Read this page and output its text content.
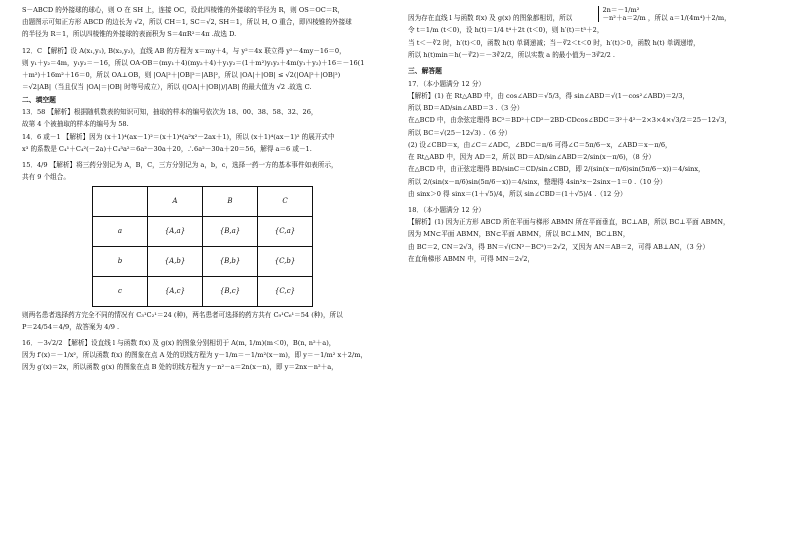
S－ABCD 的外接球的球心，则 O 在 SH 上，连接 OC，设此四棱锥的外接球的半径为 R，则 OS＝OC＝R，
由题图示可知正方形 ABCD 的边长为 √2，所以 CH＝1, SC＝√2, SH＝1，所以 H, O 重合，即四棱锥的外接球
的半径为 R＝1，所以四棱锥的外接球的表面积为 S＝4πR²＝4π .故选 D.
12．C 【解析】设 A(x₁,y₁), B(x₂,y₂)，直线 AB 的方程为 x＝my＋4，与 y²＝4x 联立得 y²－4my－16＝0，
则 y₁＋y₂＝4m，y₁y₂＝－16，所以 OA·OB＝(my₁＋4)(my₂＋4)＋y₁y₂＝(1＋m²)y₁y₂＋4m(y₁＋y₂)＋16＝－16(1
＋m²)＋16m²＋16＝0，所以 OA⊥OB，则 |OA|²＋|OB|²＝|AB|²，所以 |OA|＋|OB| ≤ √2(|OA|²＋|OB|²)
＝√2|AB|（当且仅当 |OA|＝|OB| 时等号成立），所以 (|OA|＋|OB|)/|AB| 的最大值为 √2 .故选 C.
二、填空题
13．58 【解析】根据随机数表的知识可知，抽取的样本的编号依次为 18、00、38、58、32、26，
故第 4 个被抽取的样本的编号为 58.
14．6 或－1 【解析】因为 (x＋1)⁴(ax－1)²＝(x＋1)⁴(a²x²－2ax＋1)，所以 (x＋1)⁴(ax－1)² 的展开式中
x³ 的系数是 C₄¹＋C₄²(－2a)＋C₄³a²＝6a²－30a＋20，∴6a²－30a＋20＝56，解得 a＝6 或－1.
15．4/9 【解析】将三药分别记为 A，B，C，三方分别记为 a，b，c，选择一药一方的基本事件如表所示，
共有 9 个组合。
	A	B	C
a	{A,a}	{B,a}	{C,a}
b	{A,b}	{B,b}	{C,b}
c	{A,c}	{B,c}	{C,c}
则两名患者选择药方完全不同的情况有 C₃¹C₂¹＝24 (种)，两名患者可选择的药方共有 C₉¹C₆¹＝54 (种)，所以
P＝24/54＝4/9，故答案为 4/9 .
16．－3√2/2 【解析】设直线 l 与函数 f(x) 及 g(x) 的图象分别相切于 A(m, 1/m)(m＜0)，B(n, n²＋a)，
因为 f′(x)＝－1/x²，所以函数 f(x) 的图象在点 A 处的切线方程为 y－1/m＝－1/m²(x－m)，即 y＝－1/m² x＋2/m，
因为 g′(x)＝2x，所以函数 g(x) 的图象在点 B 处的切线方程为 y－n²－a＝2n(x－n)，即 y＝2nx－n²＋a，
因为存在直线 l 与函数 f(x) 及 g(x) 的图象都相切，所以
2n＝－1/m²
－n²＋a＝2/m ，所以 a＝1/(4m⁴)＋2/m，
令 t＝1/m (t＜0)，设 h(t)＝1/4 t⁴＋2t (t＜0)，则 h′(t)＝t³＋2，
当 t＜－∛2 时，h′(t)＜0，函数 h(t) 单调递减；当－∛2＜t＜0 时，h′(t)＞0，函数 h(t) 单调递增，
所以 h(t)min＝h(－∛2)＝－3∛2/2，所以实数 a 的最小值为－3∛2/2 .
三、解答题
17．（本小题满分 12 分）
【解析】(1) 在 Rt△ABD 中，由 cos∠ABD＝√5/3，得 sin∠ABD＝√(1－cos²∠ABD)＝2/3，
所以 BD＝AD/sin∠ABD＝3 .（3 分）
在△BCD 中，由余弦定理得 BC²＝BD²＋CD²－2BD·CDcos∠BDC＝3²＋4²－2×3×4×√3/2＝25－12√3，
所以 BC＝√(25－12√3) .（6 分）
(2) 设∠CBD＝x，由∠C＝∠ADC，∠BDC＝π/6 可得∠C＝5π/6－x，∠ABD＝x－π/6，
在 Rt△ABD 中，因为 AD＝2，所以 BD＝AD/sin∠ABD＝2/sin(x－π/6)，（8 分）
在△BCD 中，由正弦定理得 BD/sinC＝CD/sin∠CBD，即 2/(sin(x－π/6)sin(5π/6－x))＝4/sinx，
所以 2/(sin(x－π/6)sin(5π/6－x))＝4/sinx，整理得 4sin²x－2sinx－1＝0 .（10 分）
由 sinx＞0 得 sinx＝(1＋√5)/4，所以 sin∠CBD＝(1＋√5)/4 .（12 分）
18．（本小题满分 12 分）
【解析】(1) 因为正方形 ABCD 所在平面与梯形 ABMN 所在平面垂直，BC⊥AB，所以 BC⊥平面 ABMN，
因为 MN⊂平面 ABMN，BN⊂平面 ABMN，所以 BC⊥MN，BC⊥BN，
由 BC＝2, CN＝2√3，得 BN＝√(CN²－BC²)＝2√2，又因为 AN＝AB＝2，可得 AB⊥AN，（3 分）
在直角梯形 ABMN 中，可得 MN＝2√2，
